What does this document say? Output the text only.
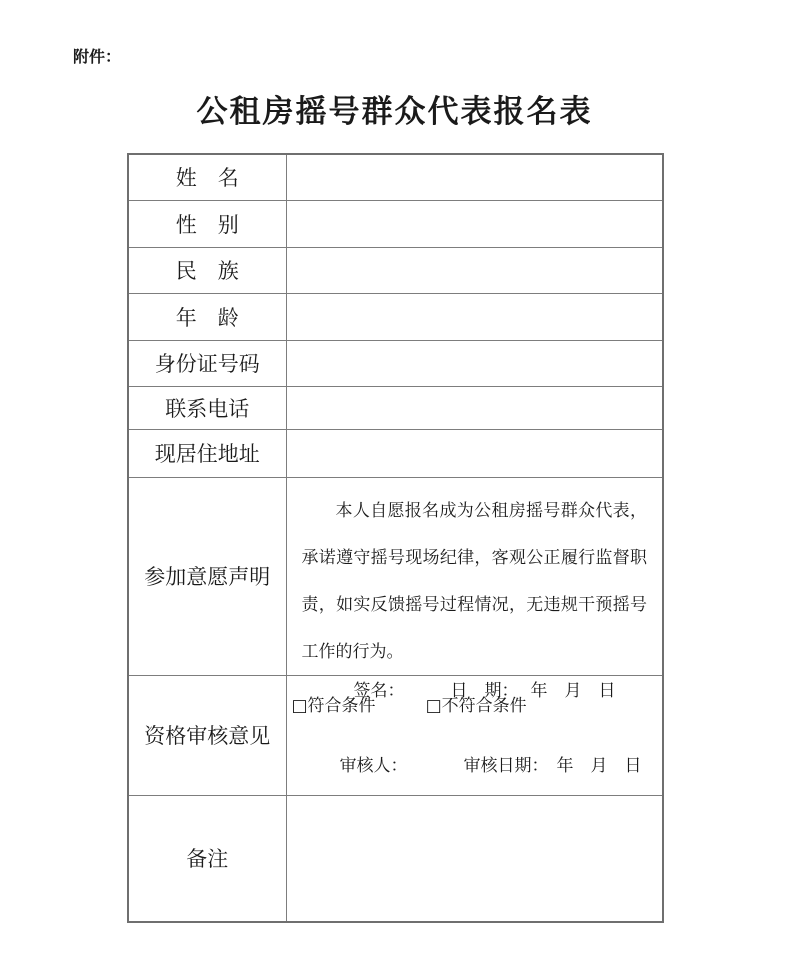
附件：
公租房摇号群众代表报名表
姓　名	
性　别	
民　族	
年　龄	
身份证号码	
联系电话	
现居住地址	
参加意愿声明	本人自愿报名成为公租房摇号群众代表，承诺遵守摇号现场纪律，客观公正履行监督职责，如实反馈摇号过程情况，无违规干预摇号工作的行为。

签名： 日　期： 年　月　日

资格审核意见	□符合条件 □不符合条件
审核人： 审核日期： 年　月　日

备注	
